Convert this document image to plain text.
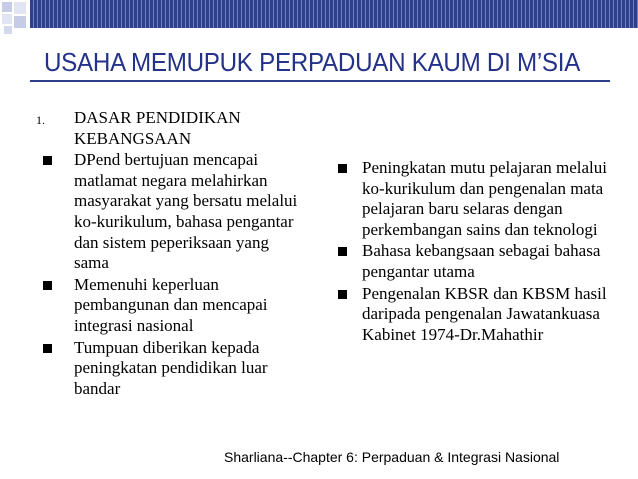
USAHA MEMUPUK PERPADUAN KAUM DI M’SIA
1. DASAR PENDIDIKAN KEBANGSAAN
DPend bertujuan mencapai matlamat negara melahirkan masyarakat yang bersatu melalui ko-kurikulum, bahasa pengantar dan sistem peperiksaan yang sama
Memenuhi keperluan pembangunan dan mencapai integrasi nasional
Tumpuan diberikan kepada peningkatan pendidikan luar bandar
Peningkatan mutu pelajaran melalui ko-kurikulum dan pengenalan mata pelajaran baru selaras dengan perkembangan sains dan teknologi
Bahasa kebangsaan sebagai bahasa pengantar utama
Pengenalan KBSR dan KBSM hasil daripada pengenalan Jawatankuasa Kabinet 1974-Dr.Mahathir
Sharliana--Chapter 6: Perpaduan & Integrasi Nasional
